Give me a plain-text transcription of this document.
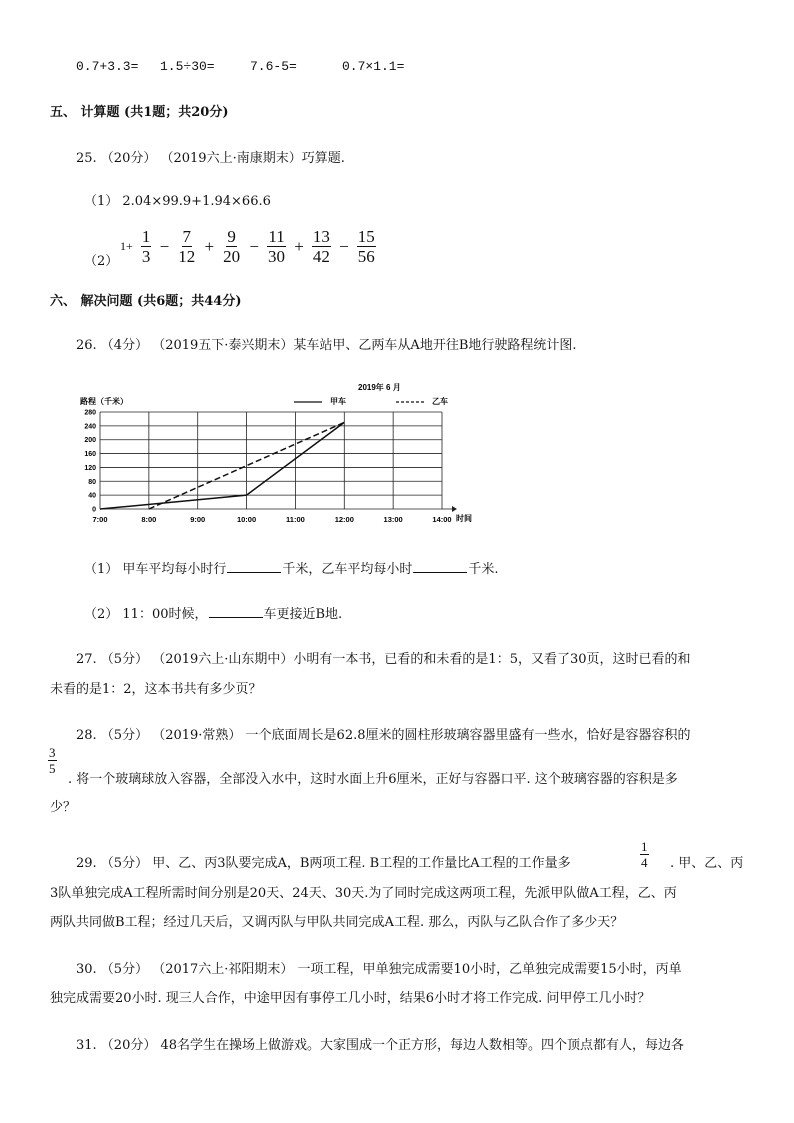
0.7+3.3= 1.5÷30=	7.6-5=	0.7×1.1=
五、 计算题 (共1题；共20分)
25. （20分） （2019六上·南康期末）巧算题.
（1） 2.04×99.9+1.94×66.6
（2）
$1+ \frac{1}{3} - \frac{7}{12} + \frac{9}{20} - \frac{11}{30} + \frac{13}{42} - \frac{15}{56}$
六、 解决问题 (共6题；共44分)
26. （4分） （2019五下·泰兴期末）某车站甲、乙两车从A地开往B地行驶路程统计图.
0
40
80
120
160
200
240
280
7:00	8:00	9:00	10:00	11:00	12:00	13:00	14:00
路程（千米）
2019年 6 月
甲车	乙车
时间
（1） 甲车平均每小时行	千米，乙车平均每小时	千米.
（2） 11：00时候，	车更接近B地.
27. （5分） （2019六上·山东期中）小明有一本书，已看的和未看的是1：5，又看了30页，这时已看的和
未看的是1：2，这本书共有多少页？
28. （5分） （2019·常熟） 一个底面周长是62.8厘米的圆柱形玻璃容器里盛有一些水，恰好是容器容积的
$\frac{3}{5}$
. 将一个玻璃球放入容器，全部没入水中，这时水面上升6厘米，正好与容器口平. 这个玻璃容器的容积是多
少？
29. （5分） 甲、乙、丙3队要完成A，B两项工程. B工程的工作量比A工程的工作量多	$\frac{1}{4}$ . 甲、乙、丙
3队单独完成A工程所需时间分别是20天、24天、30天.为了同时完成这两项工程，先派甲队做A工程，乙、丙
两队共同做B工程；经过几天后，又调丙队与甲队共同完成A工程. 那么，丙队与乙队合作了多少天？
30. （5分） （2017六上·祁阳期末） 一项工程，甲单独完成需要10小时，乙单独完成需要15小时，丙单
独完成需要20小时. 现三人合作，中途甲因有事停工几小时，结果6小时才将工作完成. 问甲停工几小时？
31. （20分） 48名学生在操场上做游戏。大家围成一个正方形，每边人数相等。四个顶点都有人，每边各
